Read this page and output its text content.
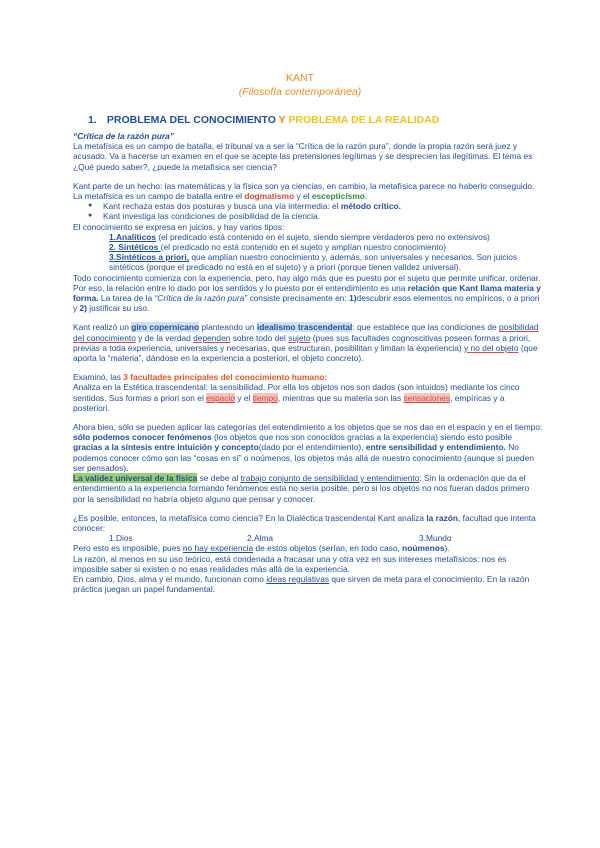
KANT
(Filosofía contemporánea)
1. PROBLEMA DEL CONOCIMIENTO Y PROBLEMA DE LA REALIDAD

“Crítica de la razón pura”

La metafísica es un campo de batalla, el tribunal va a ser la “Crítica de la razón pura”, donde la propia razón será juez y acusado. Va a hacerse un examen en el que se acepte las pretensiones legítimas y se desprecien las ilegítimas. El tema es ¿Qué puedo saber?, ¿puede la metafísica ser ciencia?

Kant parte de un hecho: las matemáticas y la física son ya ciencias, en cambio, la metafísica parece no haberlo conseguido. La metafísica es un campo de batalla entre el dogmatismo y el escepticismo.

● Kant rechaza estas dos posturas y busca una vía intermedia: el método crítico.
● Kant investiga las condiciones de posibilidad de la ciencia.

El conocimiento se expresa en juicios, y hay varios tipos:

1.Analíticos (el predicado está contenido en el sujeto, siendo siempre verdaderos pero no extensivos)

2. Sintéticos (el predicado no está contenido en el sujeto y amplían nuestro conocimiento)

3.Sintéticos a priori, que amplían nuestro conocimiento y, además, son universales y necesarios. Son juicios sintéticos (porque el predicado no está en el sujeto) y a priori (porque tienen validez universal).

Todo conocimiento comienza con la experiencia, pero, hay algo más que es puesto por el sujeto que permite unificar, ordenar. Por eso, la relación entre lo dado por los sentidos y lo puesto por el entendimiento es una relación que Kant llama materia y forma. La tarea de la “Crítica de la razón pura” consiste precisamente en: 1)descubrir esos elementos no empíricos, o a priori y 2) justificar su uso.

Kant realizó un giro copernicano planteando un idealismo trascendental: que establece que las condiciones de posibilidad del conocimiento y de la verdad dependen sobre todo del sujeto (pues sus facultades cognoscitivas poseen formas a priori, previas a toda experiencia, universales y necesarias, que estructuran, posibilitan y limitan la experiencia) y no del objeto (que aporta la “materia”, dándose en la experiencia a posteriori, el objeto concreto).

Examinó, las 3 facultades principales del conocimiento humano:

Analiza en la Estética trascendental: la sensibilidad. Por ella los objetos nos son dados (son intuidos) mediante los cinco sentidos. Sus formas a priori son el espacio y el tiempo, mientras que su materia son las sensaciones, empíricas y a posteriori.

Ahora bien, sólo se pueden aplicar las categorías del entendimiento a los objetos que se nos dan en el espacio y en el tiempo: sólo podemos conocer fenómenos (los objetos que nos son conocidos gracias a la experiencia) siendo esto posible gracias a la síntesis entre intuición y concepto(dado por el entendimiento), entre sensibilidad y entendimiento. No podemos conocer cómo son las “cosas en sí” o noúmenos, los objetos más allá de nuestro conocimiento (aunque sí pueden ser pensados).

La validez universal de la física se debe al trabajo conjunto de sensibilidad y entendimiento: Sin la ordenación que da el entendimiento a la experiencia formando fenómenos esta no sería posible, pero si los objetos no nos fueran dados primero por la sensibilidad no habría objeto alguno que pensar y conocer.

¿Es posible, entonces, la metafísica como ciencia? En la Dialéctica trascendental Kant analiza la razón, facultad que intenta conocer:

1.Dios	2.Alma	3.Mundo

Pero esto es imposible, pues no hay experiencia de estos objetos (serían, en todo caso, noúmenos).

La razón, al menos en su uso teórico, está condenada a fracasar una y otra vez en sus intereses metafísicos: nos es imposible saber si existen o no esas realidades más allá de la experiencia.

En cambio, Dios, alma y el mundo, funcionan como ideas regulativas que sirven de meta para el conocimiento. En la razón práctica juegan un papel fundamental.
